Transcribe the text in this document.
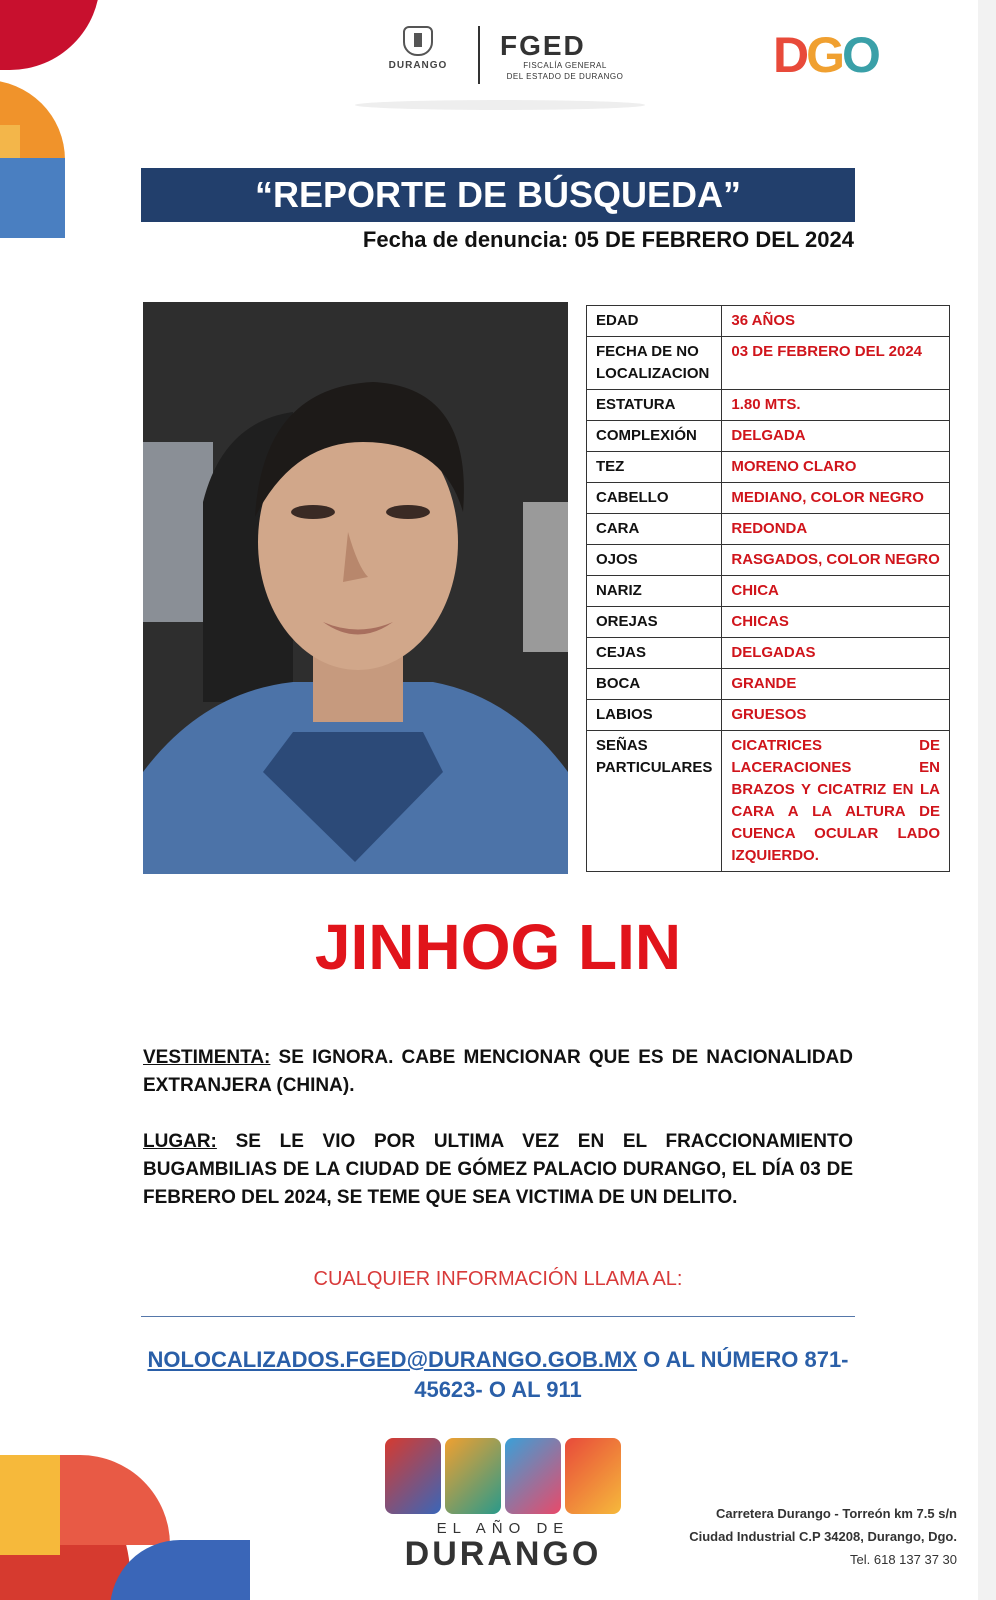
DURANGO
FGED
FISCALÍA GENERAL
DEL ESTADO DE DURANGO	DGO
“REPORTE DE BÚSQUEDA”
Fecha de denuncia: 05 DE FEBRERO DEL 2024
EDAD	36 AÑOS
FECHA DE NO LOCALIZACION	03 DE FEBRERO DEL 2024
ESTATURA	1.80 MTS.
COMPLEXIÓN	DELGADA
TEZ	MORENO CLARO
CABELLO	MEDIANO, COLOR NEGRO
CARA	REDONDA
OJOS	RASGADOS, COLOR NEGRO
NARIZ	CHICA
OREJAS	CHICAS
CEJAS	DELGADAS
BOCA	GRANDE
LABIOS	GRUESOS
SEÑAS PARTICULARES	CICATRICES DE LACERACIONES EN BRAZOS Y CICATRIZ EN LA CARA A LA ALTURA DE CUENCA OCULAR LADO IZQUIERDO.
JINHOG LIN

VESTIMENTA: SE IGNORA. CABE MENCIONAR QUE ES DE NACIONALIDAD EXTRANJERA (CHINA).

LUGAR: SE LE VIO POR ULTIMA VEZ EN EL FRACCIONAMIENTO BUGAMBILIAS DE LA CIUDAD DE GÓMEZ PALACIO DURANGO, EL DÍA 03 DE FEBRERO DEL 2024, SE TEME QUE SEA VICTIMA DE UN DELITO.

CUALQUIER INFORMACIÓN LLAMA AL:
NOLOCALIZADOS.FGED@DURANGO.GOB.MX O AL NÚMERO 871-45623- O AL 911
EL AÑO DE
DURANGO
Carretera Durango - Torreón km 7.5 s/n
Ciudad Industrial C.P 34208, Durango, Dgo.
Tel. 618 137 37 30
